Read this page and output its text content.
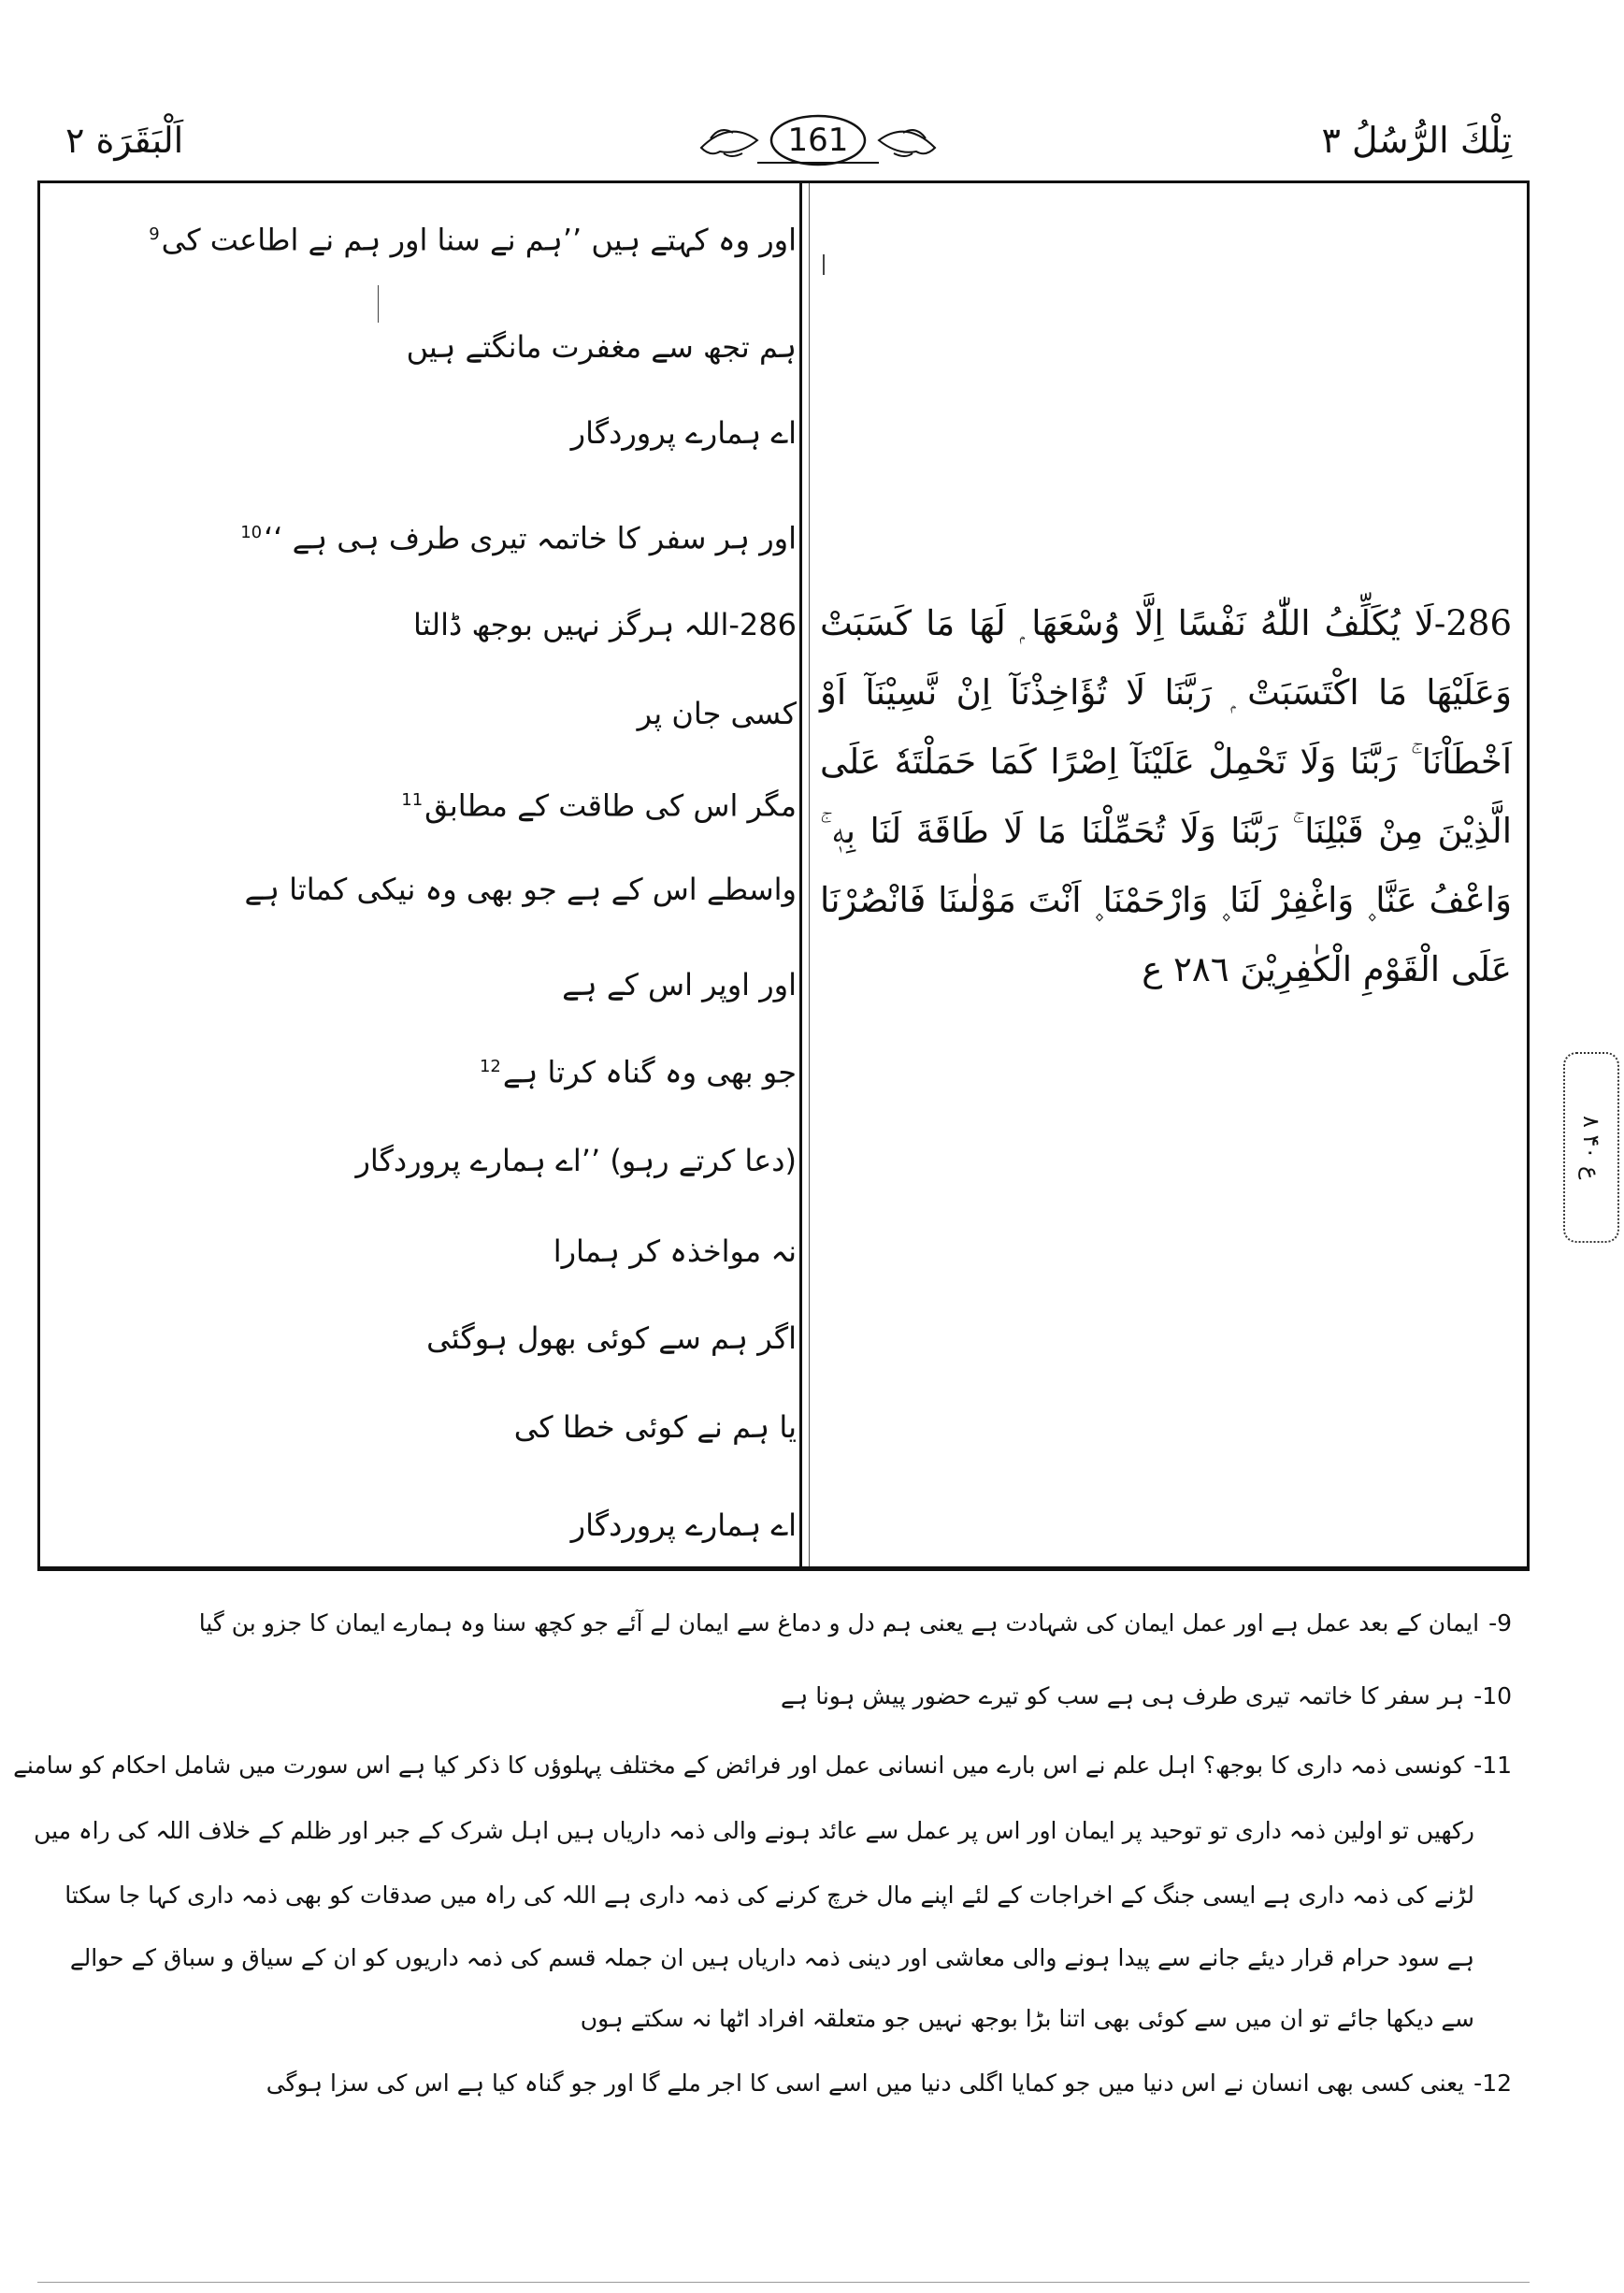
تِلْكَ الرُّسُلُ ٣
اَلْبَقَرَة ٢	161
اور وہ کہتے ہیں ’’ہم نے سنا اور ہم نے اطاعت کی$^9$
ہم تجھ سے مغفرت مانگتے ہیں
اے ہمارے پروردگار
اور ہر سفر کا خاتمہ تیری طرف ہی ہے ‘‘$^{10}$
286-اللہ ہرگز نہیں بوجھ ڈالتا
کسی جان پر
مگر اس کی طاقت کے مطابق$^{11}$
واسطے اس کے ہے جو بھی وہ نیکی کماتا ہے
اور اوپر اس کے ہے
جو بھی وہ گناہ کرتا ہے$^{12}$
(دعا کرتے رہو) ’’اے ہمارے پروردگار
نہ مواخذہ کر ہمارا
اگر ہم سے کوئی بھول ہوگئی
یا ہم نے کوئی خطا کی
اے ہمارے پروردگار
286-لَا يُكَلِّفُ اللّٰهُ نَفْسًا اِلَّا وُسْعَهَا ۭ لَهَا مَا كَسَبَتْ وَعَلَيْهَا مَا اكْتَسَبَتْ ۭ رَبَّنَا لَا تُؤَاخِذْنَآ اِنْ نَّسِيْنَآ اَوْ اَخْطَاْنَا ۚ رَبَّنَا وَلَا تَحْمِلْ عَلَيْنَآ اِصْرًا كَمَا حَمَلْتَهٗ عَلَى الَّذِيْنَ مِنْ قَبْلِنَا ۚ رَبَّنَا وَلَا تُحَمِّلْنَا مَا لَا طَاقَةَ لَنَا بِهٖ ۚ وَاعْفُ عَنَّا ۪ وَاغْفِرْ لَنَا ۪ وَارْحَمْنَا ۪ اَنْتَ مَوْلٰىنَا فَانْصُرْنَا عَلَى الْقَوْمِ الْكٰفِرِيْنَ ٢٨٦ ع
ع ۴۰ ۸
9-ایمان کے بعد عمل ہے اور عمل ایمان کی شہادت ہے یعنی ہم دل و دماغ سے ایمان لے آئے جو کچھ سنا وہ ہمارے ایمان کا جزو بن گیا
10-ہر سفر کا خاتمہ تیری طرف ہی ہے سب کو تیرے حضور پیش ہونا ہے
11-کونسی ذمہ داری کا بوجھ؟ اہل علم نے اس بارے میں انسانی عمل اور فرائض کے مختلف پہلوؤں کا ذکر کیا ہے اس سورت میں شامل احکام کو سامنے
رکھیں تو اولین ذمہ داری تو توحید پر ایمان اور اس پر عمل سے عائد ہونے والی ذمہ داریاں ہیں اہل شرک کے جبر اور ظلم کے خلاف اللہ کی راہ میں
لڑنے کی ذمہ داری ہے ایسی جنگ کے اخراجات کے لئے اپنے مال خرچ کرنے کی ذمہ داری ہے اللہ کی راہ میں صدقات کو بھی ذمہ داری کہا جا سکتا
ہے سود حرام قرار دیئے جانے سے پیدا ہونے والی معاشی اور دینی ذمہ داریاں ہیں ان جملہ قسم کی ذمہ داریوں کو ان کے سیاق و سباق کے حوالے
سے دیکھا جائے تو ان میں سے کوئی بھی اتنا بڑا بوجھ نہیں جو متعلقہ افراد اٹھا نہ سکتے ہوں
12-یعنی کسی بھی انسان نے اس دنیا میں جو کمایا اگلی دنیا میں اسے اسی کا اجر ملے گا اور جو گناہ کیا ہے اس کی سزا ہوگی
